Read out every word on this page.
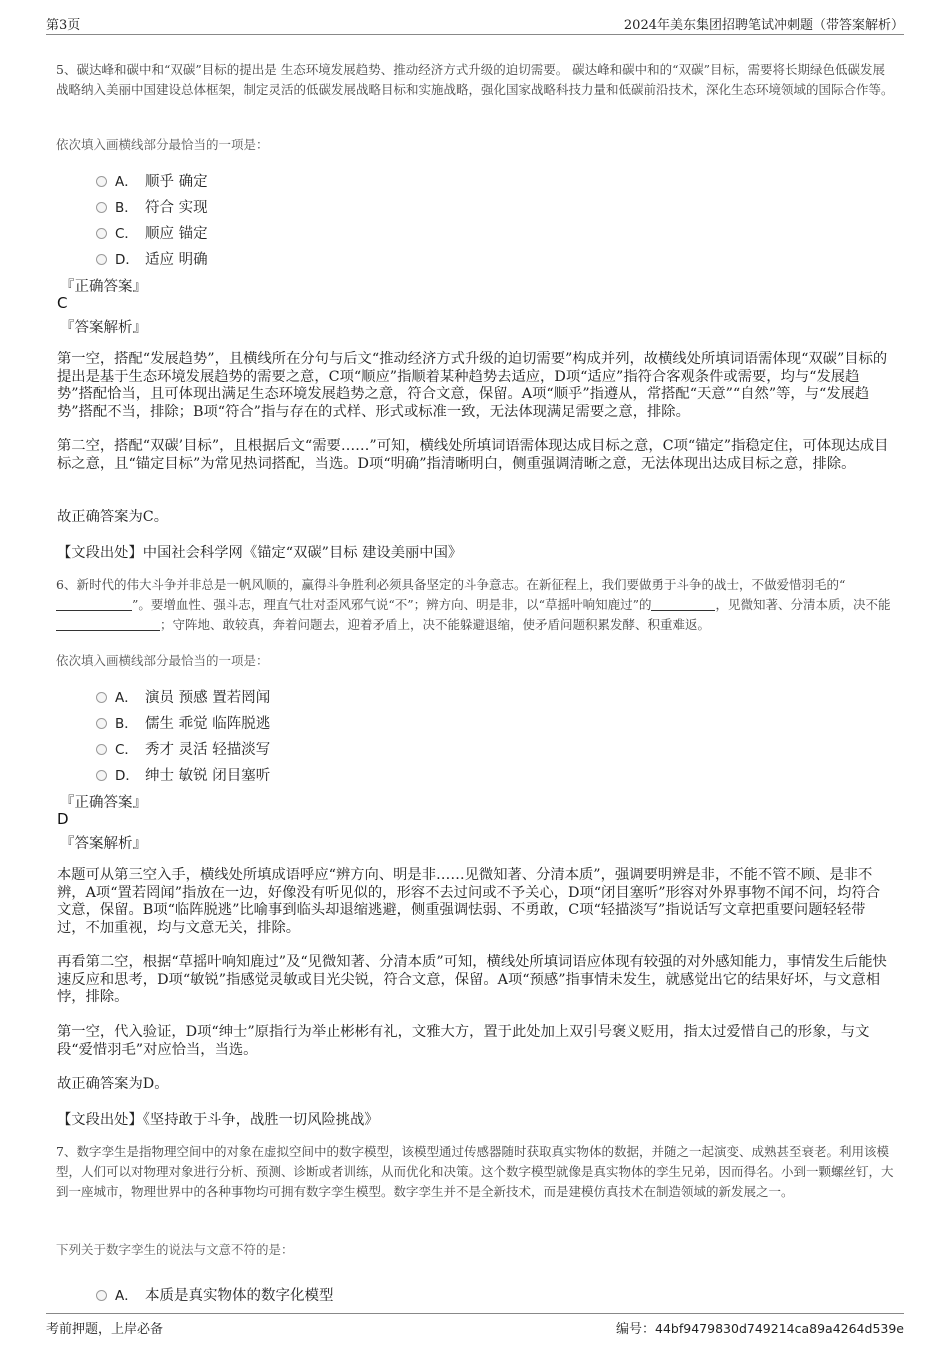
第3页	2024年美东集团招聘笔试冲刺题（带答案解析）
5、碳达峰和碳中和“双碳”目标的提出是 生态环境发展趋势、推动经济方式升级的迫切需要。 碳达峰和碳中和的“双碳”目标，需要将长期绿色低碳发展战略纳入美丽中国建设总体框架，制定灵活的低碳发展战略目标和实施战略，强化国家战略科技力量和低碳前沿技术，深化生态环境领域的国际合作等。
依次填入画横线部分最恰当的一项是：
A． 顺乎 确定
B． 符合 实现
C． 顺应 锚定
D． 适应 明确
『正确答案』
C
『答案解析』
第一空，搭配“发展趋势”，且横线所在分句与后文“推动经济方式升级的迫切需要”构成并列，故横线处所填词语需体现“双碳”目标的提出是基于生态环境发展趋势的需要之意，C项“顺应”指顺着某种趋势去适应，D项“适应”指符合客观条件或需要，均与“发展趋势”搭配恰当，且可体现出满足生态环境发展趋势之意，符合文意，保留。A项“顺乎”指遵从，常搭配“天意”“自然”等，与“发展趋势”搭配不当，排除；B项“符合”指与存在的式样、形式或标准一致，无法体现满足需要之意，排除。
第二空，搭配“双碳’目标”，且根据后文“需要……”可知，横线处所填词语需体现达成目标之意，C项“锚定”指稳定住，可体现达成目标之意，且“锚定目标”为常见热词搭配，当选。D项“明确”指清晰明白，侧重强调清晰之意，无法体现出达成目标之意，排除。
故正确答案为C。
【文段出处】中国社会科学网《锚定“双碳”目标 建设美丽中国》
6、新时代的伟大斗争并非总是一帆风顺的，赢得斗争胜利必须具备坚定的斗争意志。在新征程上，我们要做勇于斗争的战士，不做爱惜羽毛的“”。要增血性、强斗志，理直气壮对歪风邪气说“不”；辨方向、明是非，以“草摇叶响知鹿过”的	，见微知著、分清本质，决不能；守阵地、敢较真，奔着问题去，迎着矛盾上，决不能躲避退缩，使矛盾问题积累发酵、积重难返。
依次填入画横线部分最恰当的一项是：
A． 演员 预感 置若罔闻
B． 儒生 乖觉 临阵脱逃
C． 秀才 灵活 轻描淡写
D． 绅士 敏锐 闭目塞听
『正确答案』
D
『答案解析』
本题可从第三空入手，横线处所填成语呼应“辨方向、明是非……见微知著、分清本质”，强调要明辨是非，不能不管不顾、是非不辨，A项“置若罔闻”指放在一边，好像没有听见似的，形容不去过问或不予关心，D项“闭目塞听”形容对外界事物不闻不问，均符合文意，保留。B项“临阵脱逃”比喻事到临头却退缩逃避，侧重强调怯弱、不勇敢，C项“轻描淡写”指说话写文章把重要问题轻轻带过，不加重视，均与文意无关，排除。
再看第二空，根据“草摇叶响知鹿过”及“见微知著、分清本质”可知，横线处所填词语应体现有较强的对外感知能力，事情发生后能快速反应和思考，D项“敏锐”指感觉灵敏或目光尖锐，符合文意，保留。A项“预感”指事情未发生，就感觉出它的结果好坏，与文意相悖，排除。
第一空，代入验证，D项“绅士”原指行为举止彬彬有礼，文雅大方，置于此处加上双引号褒义贬用，指太过爱惜自己的形象，与文段“爱惜羽毛”对应恰当，当选。
故正确答案为D。
【文段出处】《坚持敢于斗争，战胜一切风险挑战》
7、数字孪生是指物理空间中的对象在虚拟空间中的数字模型，该模型通过传感器随时获取真实物体的数据，并随之一起演变、成熟甚至衰老。利用该模型，人们可以对物理对象进行分析、预测、诊断或者训练，从而优化和决策。这个数字模型就像是真实物体的孪生兄弟，因而得名。小到一颗螺丝钉，大到一座城市，物理世界中的各种事物均可拥有数字孪生模型。数字孪生并不是全新技术，而是建模仿真技术在制造领域的新发展之一。
下列关于数字孪生的说法与文意不符的是：
A． 本质是真实物体的数字化模型
考前押题，上岸必备	编号：44bf9479830d749214ca89a4264d539e
